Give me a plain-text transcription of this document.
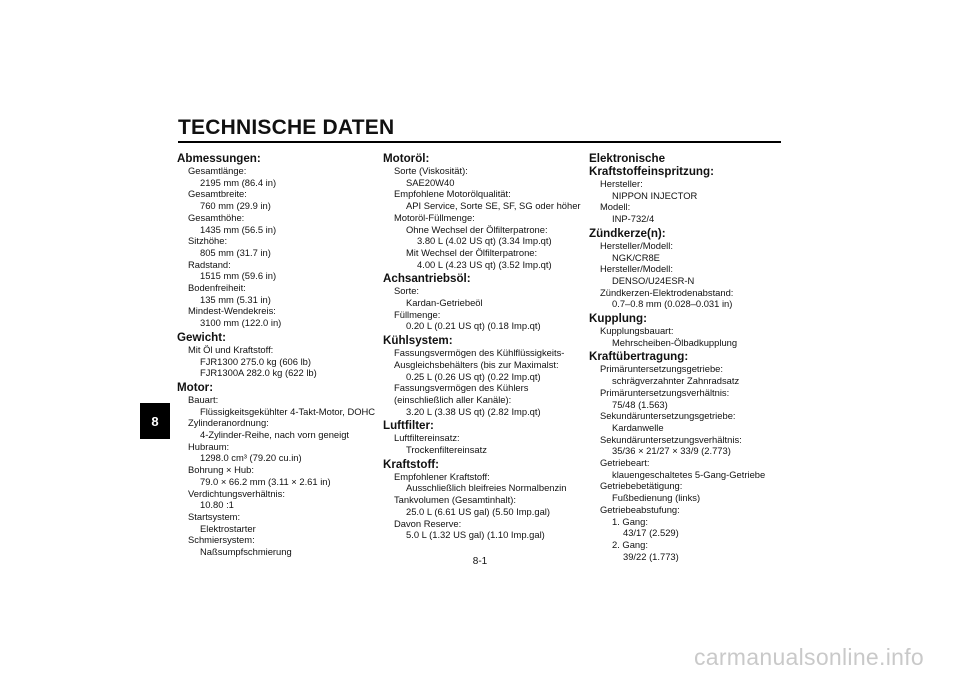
TECHNISCHE DATEN
8
Abmessungen:
Gesamtlänge:
2195 mm (86.4 in)
Gesamtbreite:
760 mm (29.9 in)
Gesamthöhe:
1435 mm (56.5 in)
Sitzhöhe:
805 mm (31.7 in)
Radstand:
1515 mm (59.6 in)
Bodenfreiheit:
135 mm (5.31 in)
Mindest-Wendekreis:
3100 mm (122.0 in)
Gewicht:
Mit Öl und Kraftstoff:
FJR1300 275.0 kg (606 lb)
FJR1300A 282.0 kg (622 lb)
Motor:
Bauart:
Flüssigkeitsgekühlter 4-Takt-Motor, DOHC
Zylinderanordnung:
4-Zylinder-Reihe, nach vorn geneigt
Hubraum:
1298.0 cm³ (79.20 cu.in)
Bohrung × Hub:
79.0 × 66.2 mm (3.11 × 2.61 in)
Verdichtungsverhältnis:
10.80 :1
Startsystem:
Elektrostarter
Schmiersystem:
Naßsumpfschmierung
Motoröl:
Sorte (Viskosität):
SAE20W40
Empfohlene Motorölqualität:
API Service, Sorte SE, SF, SG oder höher
Motoröl-Füllmenge:
Ohne Wechsel der Ölfilterpatrone:
3.80 L (4.02 US qt) (3.34 Imp.qt)
Mit Wechsel der Ölfilterpatrone:
4.00 L (4.23 US qt) (3.52 Imp.qt)
Achsantriebsöl:
Sorte:
Kardan-Getriebeöl
Füllmenge:
0.20 L (0.21 US qt) (0.18 Imp.qt)
Kühlsystem:
Fassungsvermögen des Kühlflüssigkeits-
Ausgleichsbehälters (bis zur Maximalst:
0.25 L (0.26 US qt) (0.22 Imp.qt)
Fassungsvermögen des Kühlers
(einschließlich aller Kanäle):
3.20 L (3.38 US qt) (2.82 Imp.qt)
Luftfilter:
Luftfiltereinsatz:
Trockenfiltereinsatz
Kraftstoff:
Empfohlener Kraftstoff:
Ausschließlich bleifreies Normalbenzin
Tankvolumen (Gesamtinhalt):
25.0 L (6.61 US gal) (5.50 Imp.gal)
Davon Reserve:
5.0 L (1.32 US gal) (1.10 Imp.gal)
Elektronische Kraftstoffeinspritzung:
Hersteller:
NIPPON INJECTOR
Modell:
INP-732/4
Zündkerze(n):
Hersteller/Modell:
NGK/CR8E
Hersteller/Modell:
DENSO/U24ESR-N
Zündkerzen-Elektrodenabstand:
0.7–0.8 mm (0.028–0.031 in)
Kupplung:
Kupplungsbauart:
Mehrscheiben-Ölbadkupplung
Kraftübertragung:
Primäruntersetzungsgetriebe:
schrägverzahnter Zahnradsatz
Primäruntersetzungsverhältnis:
75/48 (1.563)
Sekundäruntersetzungsgetriebe:
Kardanwelle
Sekundäruntersetzungsverhältnis:
35/36 × 21/27 × 33/9 (2.773)
Getriebeart:
klauengeschaltetes 5-Gang-Getriebe
Getriebebetätigung:
Fußbedienung (links)
Getriebeabstufung:
1. Gang:
43/17 (2.529)
2. Gang:
39/22 (1.773)
8-1
carmanualsonline.info
